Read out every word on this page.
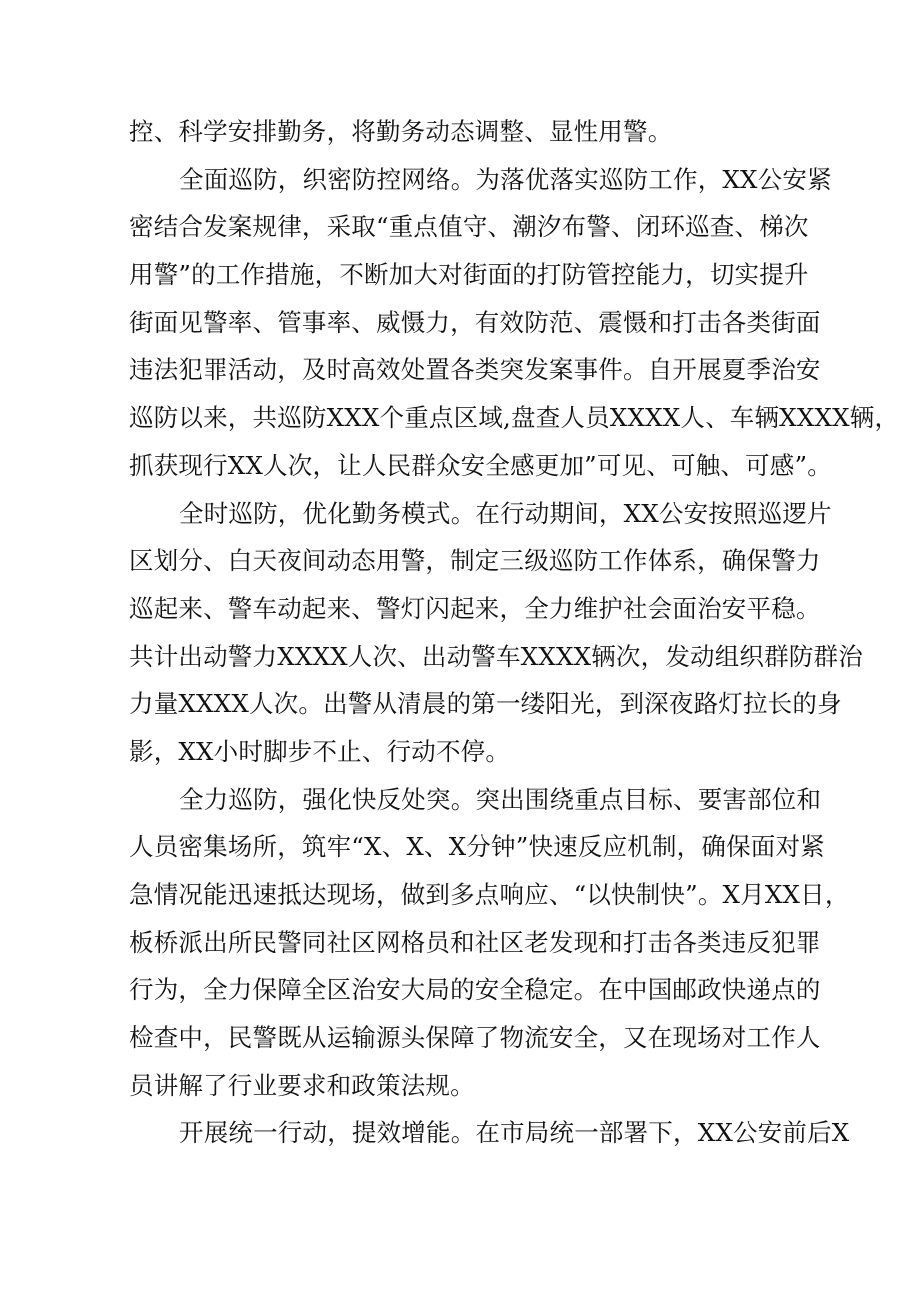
控、科学安排勤务，将勤务动态调整、显性用警。
全面巡防，织密防控网络。为落优落实巡防工作，XX公安紧
密结合发案规律，采取“重点值守、潮汐布警、闭环巡查、梯次
用警”的工作措施，不断加大对街面的打防管控能力，切实提升
街面见警率、管事率、威慑力，有效防范、震慑和打击各类街面
违法犯罪活动，及时高效处置各类突发案事件。自开展夏季治安
巡防以来，共巡防XXX个重点区域,盘查人员XXXX人、车辆XXXX辆，
抓获现行XX人次，让人民群众安全感更加”可见、可触、可感”。
全时巡防，优化勤务模式。在行动期间，XX公安按照巡逻片
区划分、白天夜间动态用警，制定三级巡防工作体系，确保警力
巡起来、警车动起来、警灯闪起来，全力维护社会面治安平稳。
共计出动警力XXXX人次、出动警车XXXX辆次，发动组织群防群治
力量XXXX人次。出警从清晨的第一缕阳光，到深夜路灯拉长的身
影，XX小时脚步不止、行动不停。
全力巡防，强化快反处突。突出围绕重点目标、要害部位和
人员密集场所，筑牢“X、X、X分钟”快速反应机制，确保面对紧
急情况能迅速抵达现场，做到多点响应、“以快制快”。X月XX日，
板桥派出所民警同社区网格员和社区老发现和打击各类违反犯罪
行为，全力保障全区治安大局的安全稳定。在中国邮政快递点的
检查中，民警既从运输源头保障了物流安全，又在现场对工作人
员讲解了行业要求和政策法规。
开展统一行动，提效增能。在市局统一部署下，XX公安前后X
